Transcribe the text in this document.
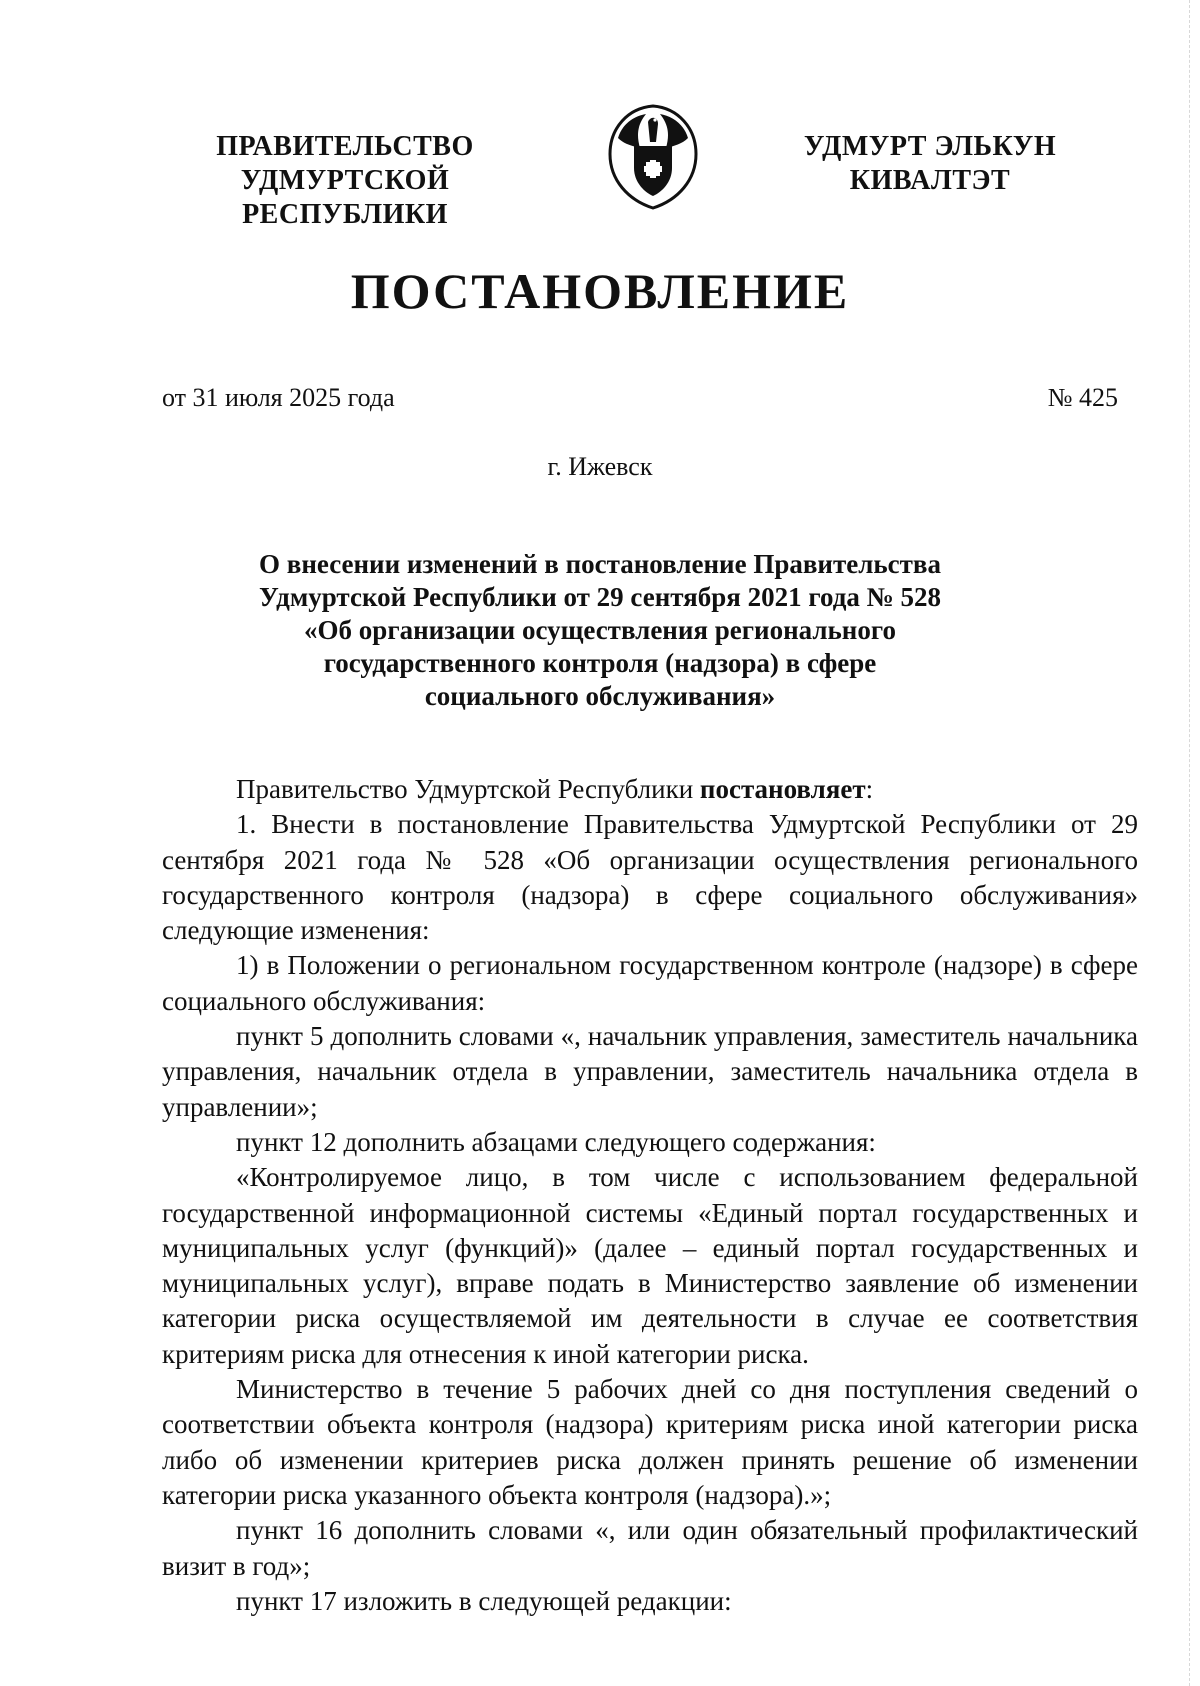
ПРАВИТЕЛЬСТВО
УДМУРТСКОЙ РЕСПУБЛИКИ
УДМУРТ ЭЛЬКУН
КИВАЛТЭТ
ПОСТАНОВЛЕНИЕ
от 31 июля 2025 года	№ 425
г. Ижевск
О внесении изменений в постановление Правительства
Удмуртской Республики от 29 сентября 2021 года № 528
«Об организации осуществления регионального
государственного контроля (надзора) в сфере
социального обслуживания»

Правительство Удмуртской Республики постановляет:

1. Внести в постановление Правительства Удмуртской Республики от 29 сентября 2021 года № 528 «Об организации осуществления регионального государственного контроля (надзора) в сфере социального обслуживания» следующие изменения:

1) в Положении о региональном государственном контроле (надзоре) в сфере социального обслуживания:

пункт 5 дополнить словами «, начальник управления, заместитель начальника управления, начальник отдела в управлении, заместитель начальника отдела в управлении»;

пункт 12 дополнить абзацами следующего содержания:

«Контролируемое лицо, в том числе с использованием федеральной государственной информационной системы «Единый портал государственных и муниципальных услуг (функций)» (далее – единый портал государственных и муниципальных услуг), вправе подать в Министерство заявление об изменении категории риска осуществляемой им деятельности в случае ее соответствия критериям риска для отнесения к иной категории риска.

Министерство в течение 5 рабочих дней со дня поступления сведений о соответствии объекта контроля (надзора) критериям риска иной категории риска либо об изменении критериев риска должен принять решение об изменении категории риска указанного объекта контроля (надзора).»;

пункт 16 дополнить словами «, или один обязательный профилактический визит в год»;

пункт 17 изложить в следующей редакции:
